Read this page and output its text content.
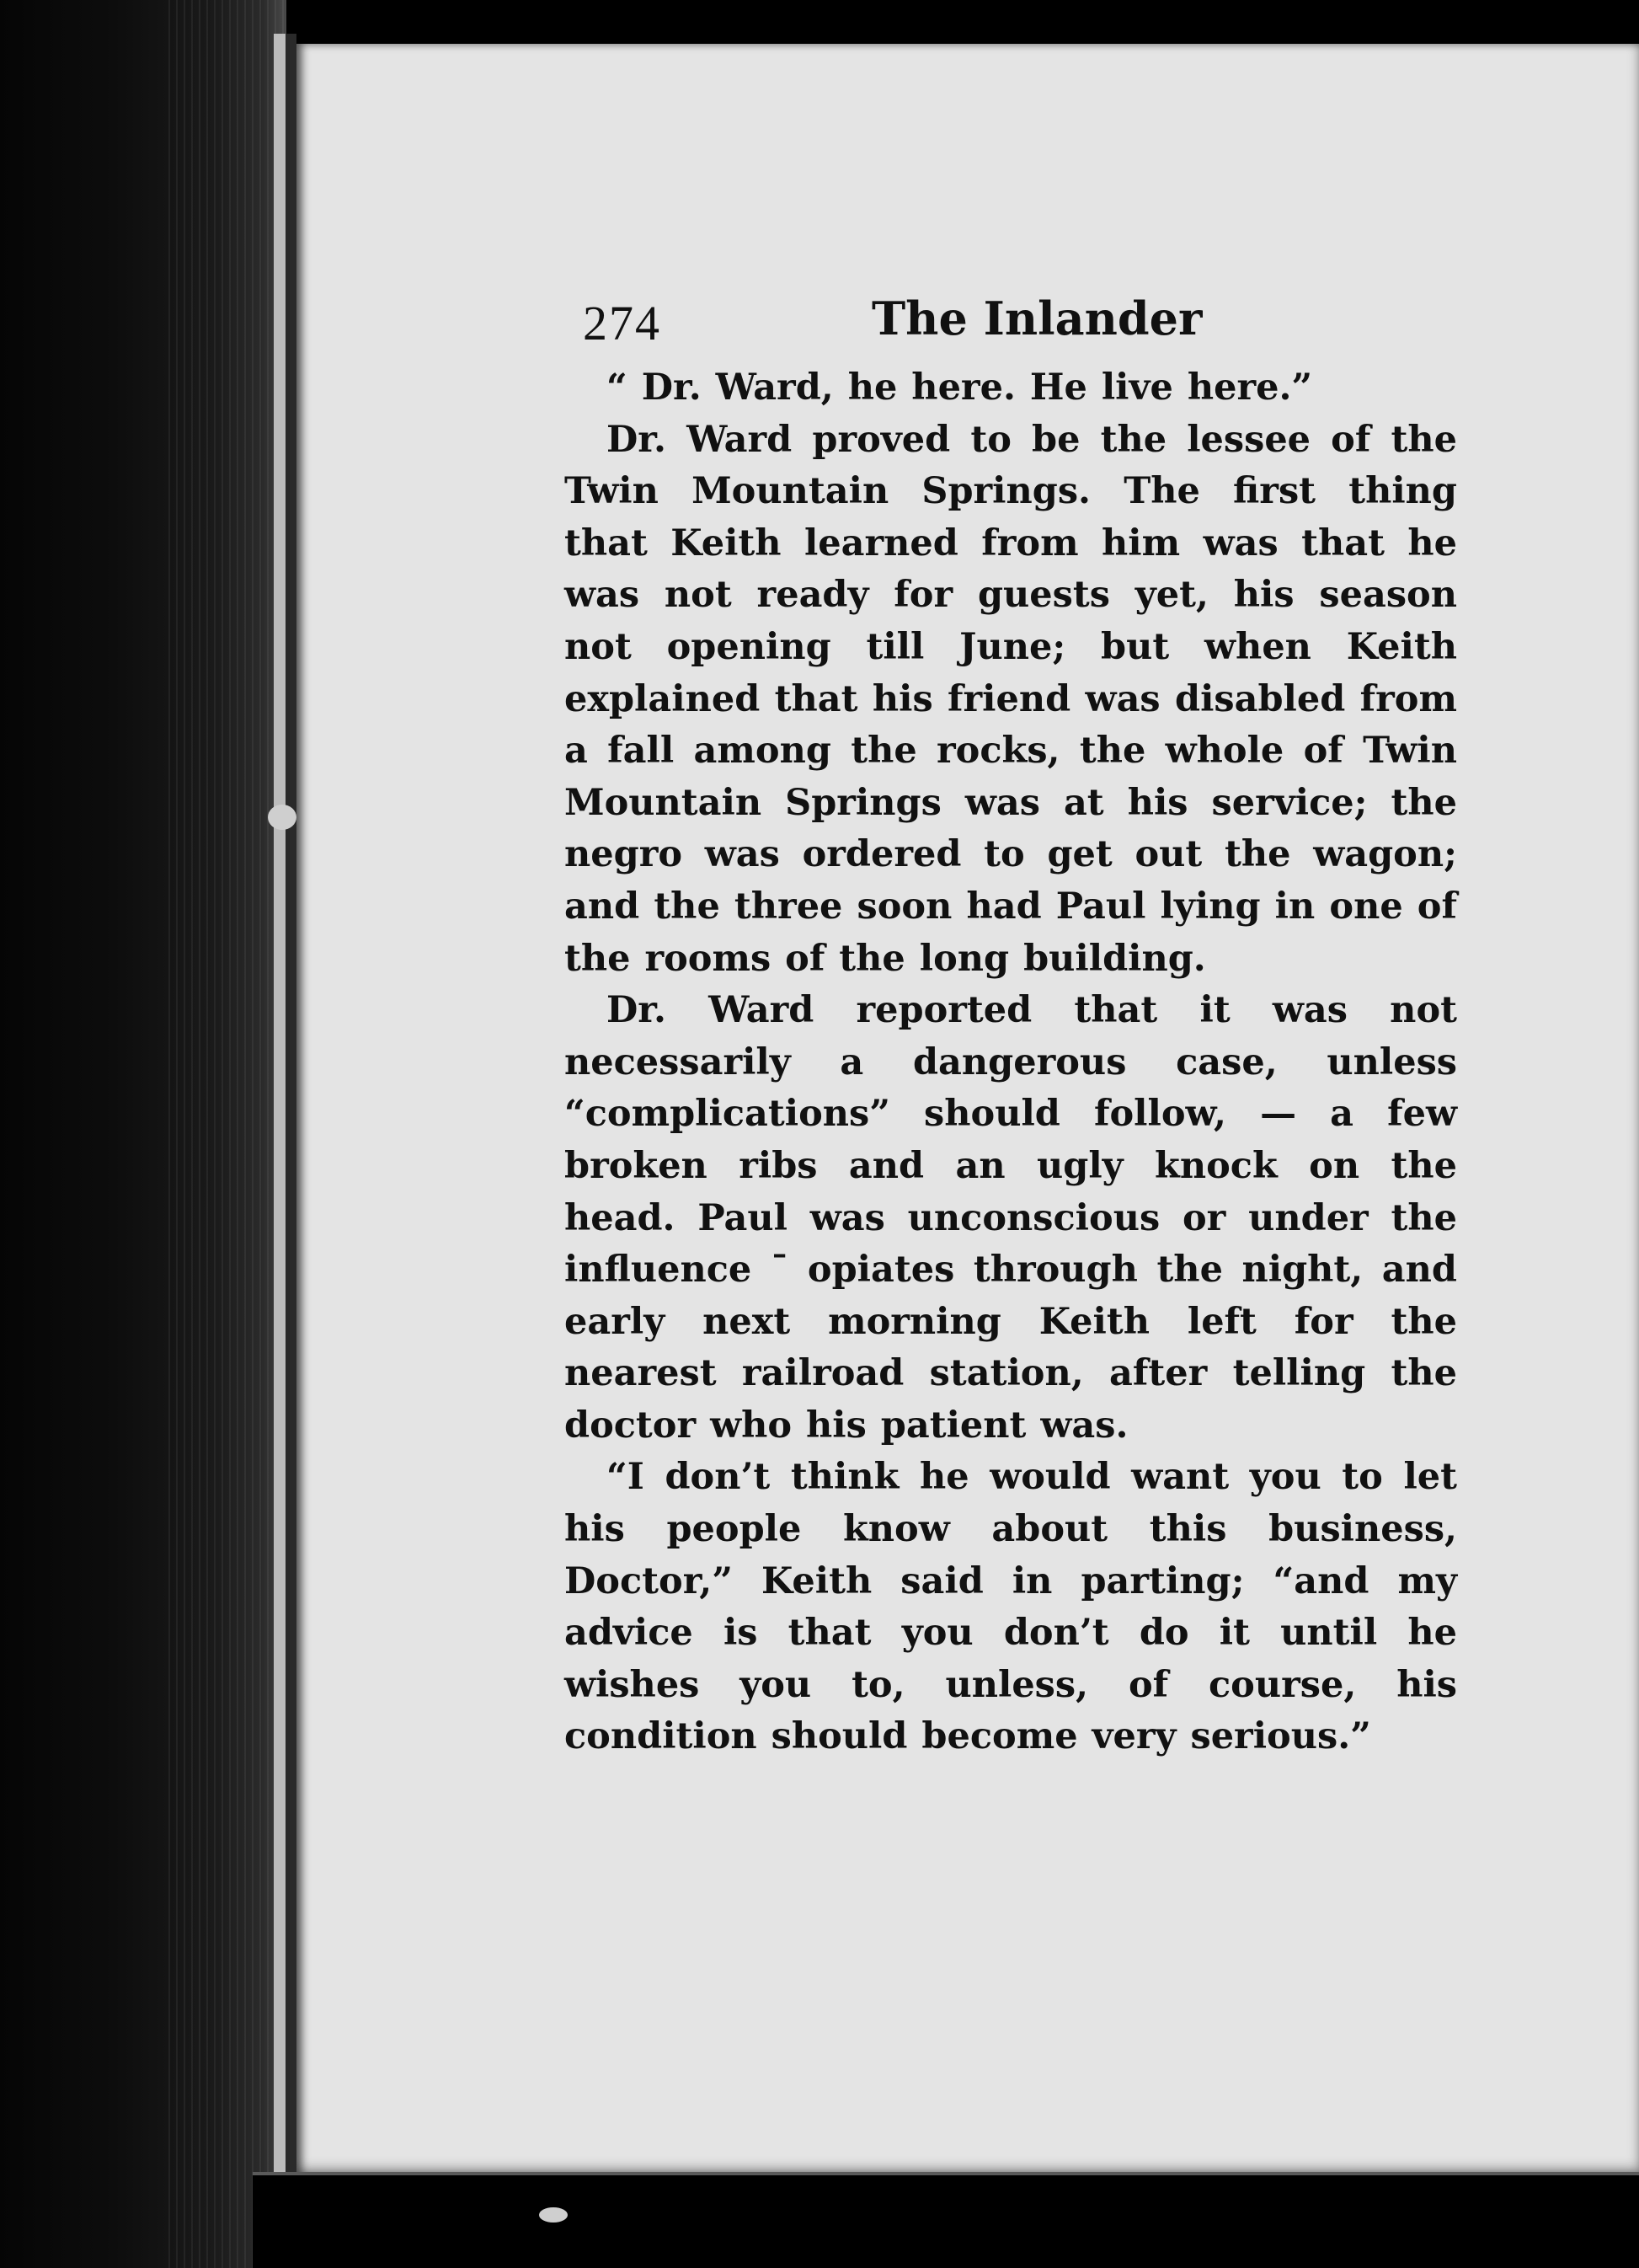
274	The Inlander

“ Dr. Ward, he here. He live here.”

Dr. Ward proved to be the lessee of the Twin Mountain Springs. The first thing that Keith learned from him was that he was not ready for guests yet, his season not opening till June; but when Keith explained that his friend was disabled from a fall among the rocks, the whole of Twin Mountain Springs was at his service; the negro was ordered to get out the wagon; and the three soon had Paul lying in one of the rooms of the long building.

Dr. Ward reported that it was not necessarily a dangerous case, unless “complications” should follow, — a few broken ribs and an ugly knock on the head. Paul was unconscious or under the influence ˉ opiates through the night, and early next morning Keith left for the nearest railroad station, after telling the doctor who his patient was.

“I don’t think he would want you to let his people know about this business, Doctor,” Keith said in parting; “and my advice is that you don’t do it until he wishes you to, unless, of course, his condition should become very serious.”
